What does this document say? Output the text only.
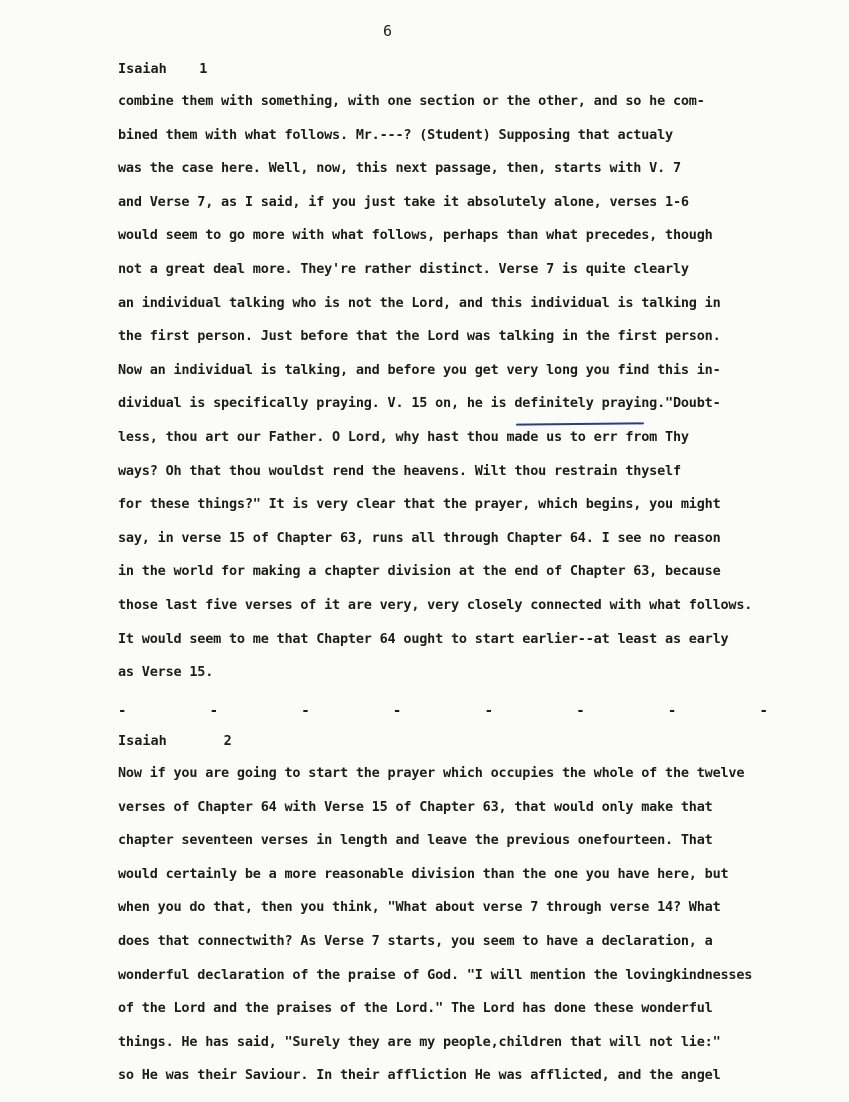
6
Isaiah    1
combine them with something, with one section or the other, and so he com-
bined them with what follows. Mr.---? (Student) Supposing that actualy
was the case here. Well, now, this next passage, then, starts with V. 7
and Verse 7, as I said, if you just take it absolutely alone, verses 1-6
would seem to go more with what follows, perhaps than what precedes, though
not a great deal more. They're rather distinct. Verse 7 is quite clearly
an individual talking who is not the Lord, and this individual is talking in
the first person. Just before that the Lord was talking in the first person.
Now an individual is talking, and before you get very long you find this in-
dividual is specifically praying. V. 15 on, he is definitely praying."Doubt-
less, thou art our Father. O Lord, why hast thou made us to err from Thy
ways? Oh that thou wouldst rend the heavens. Wilt thou restrain thyself
for these things?" It is very clear that the prayer, which begins, you might
say, in verse 15 of Chapter 63, runs all through Chapter 64. I see no reason
in the world for making a chapter division at the end of Chapter 63, because
those last five verses of it are very, very closely connected with what follows.
It would seem to me that Chapter 64 ought to start earlier--at least as early
as Verse 15.
-	-	-	-	-	-	-	-
Isaiah       2
Now if you are going to start the prayer which occupies the whole of the twelve
verses of Chapter 64 with Verse 15 of Chapter 63, that would only make that
chapter seventeen verses in length and leave the previous onefourteen. That
would certainly be a more reasonable division than the one you have here, but
when you do that, then you think, "What about verse 7 through verse 14? What
does that connectwith? As Verse 7 starts, you seem to have a declaration, a
wonderful declaration of the praise of God. "I will mention the lovingkindnesses
of the Lord and the praises of the Lord." The Lord has done these wonderful
things. He has said, "Surely they are my people,children that will not lie:"
so He was their Saviour. In their affliction He was afflicted, and the angel
